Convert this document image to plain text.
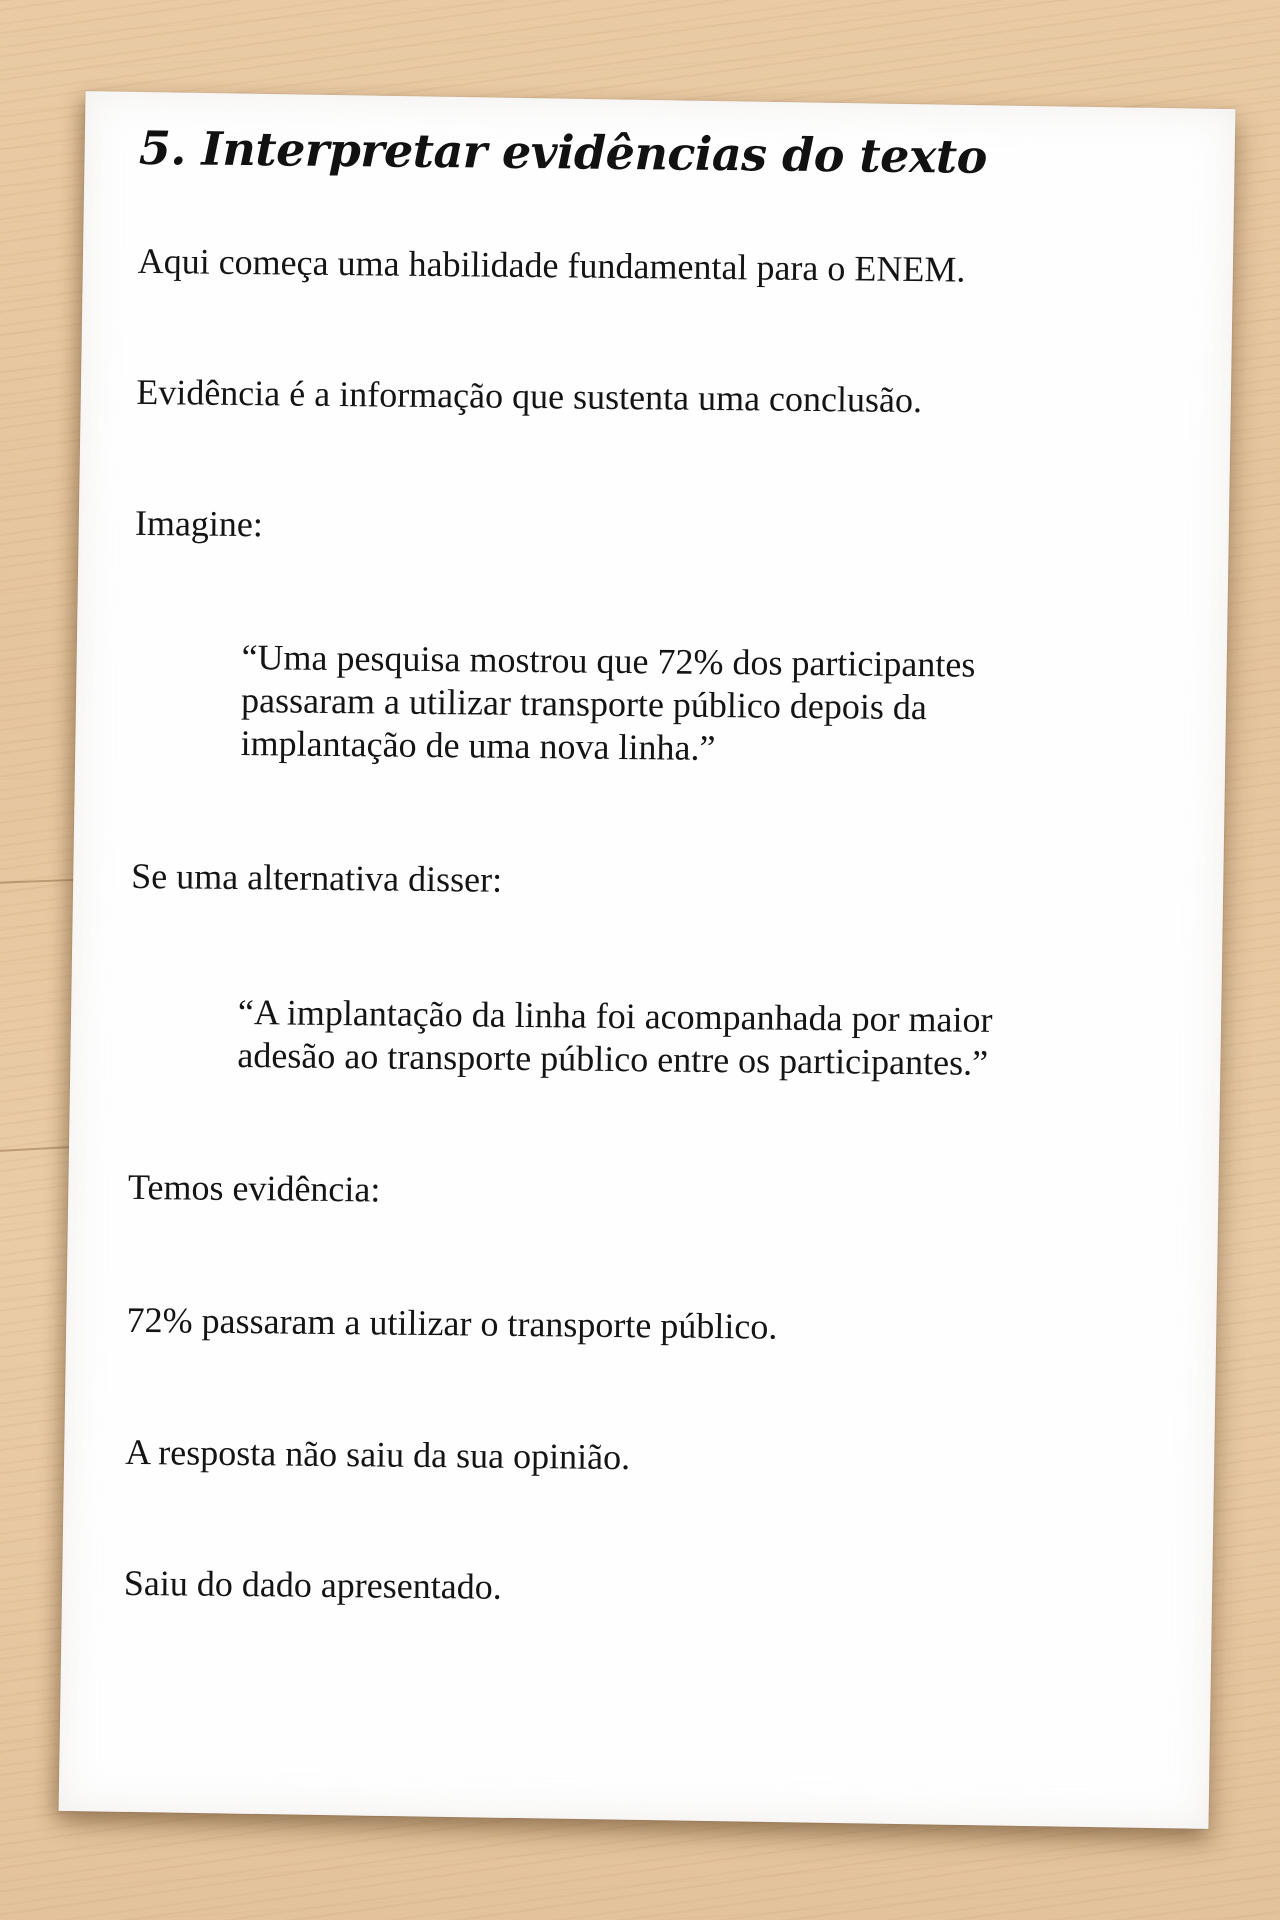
5. Interpretar evidências do texto

Aqui começa uma habilidade fundamental para o ENEM.

Evidência é a informação que sustenta uma conclusão.

Imagine:

“Uma pesquisa mostrou que 72% dos participantes passaram a utilizar transporte público depois da implantação de uma nova linha.”

Se uma alternativa disser:

“A implantação da linha foi acompanhada por maior adesão ao transporte público entre os participantes.”

Temos evidência:

72% passaram a utilizar o transporte público.

A resposta não saiu da sua opinião.

Saiu do dado apresentado.
